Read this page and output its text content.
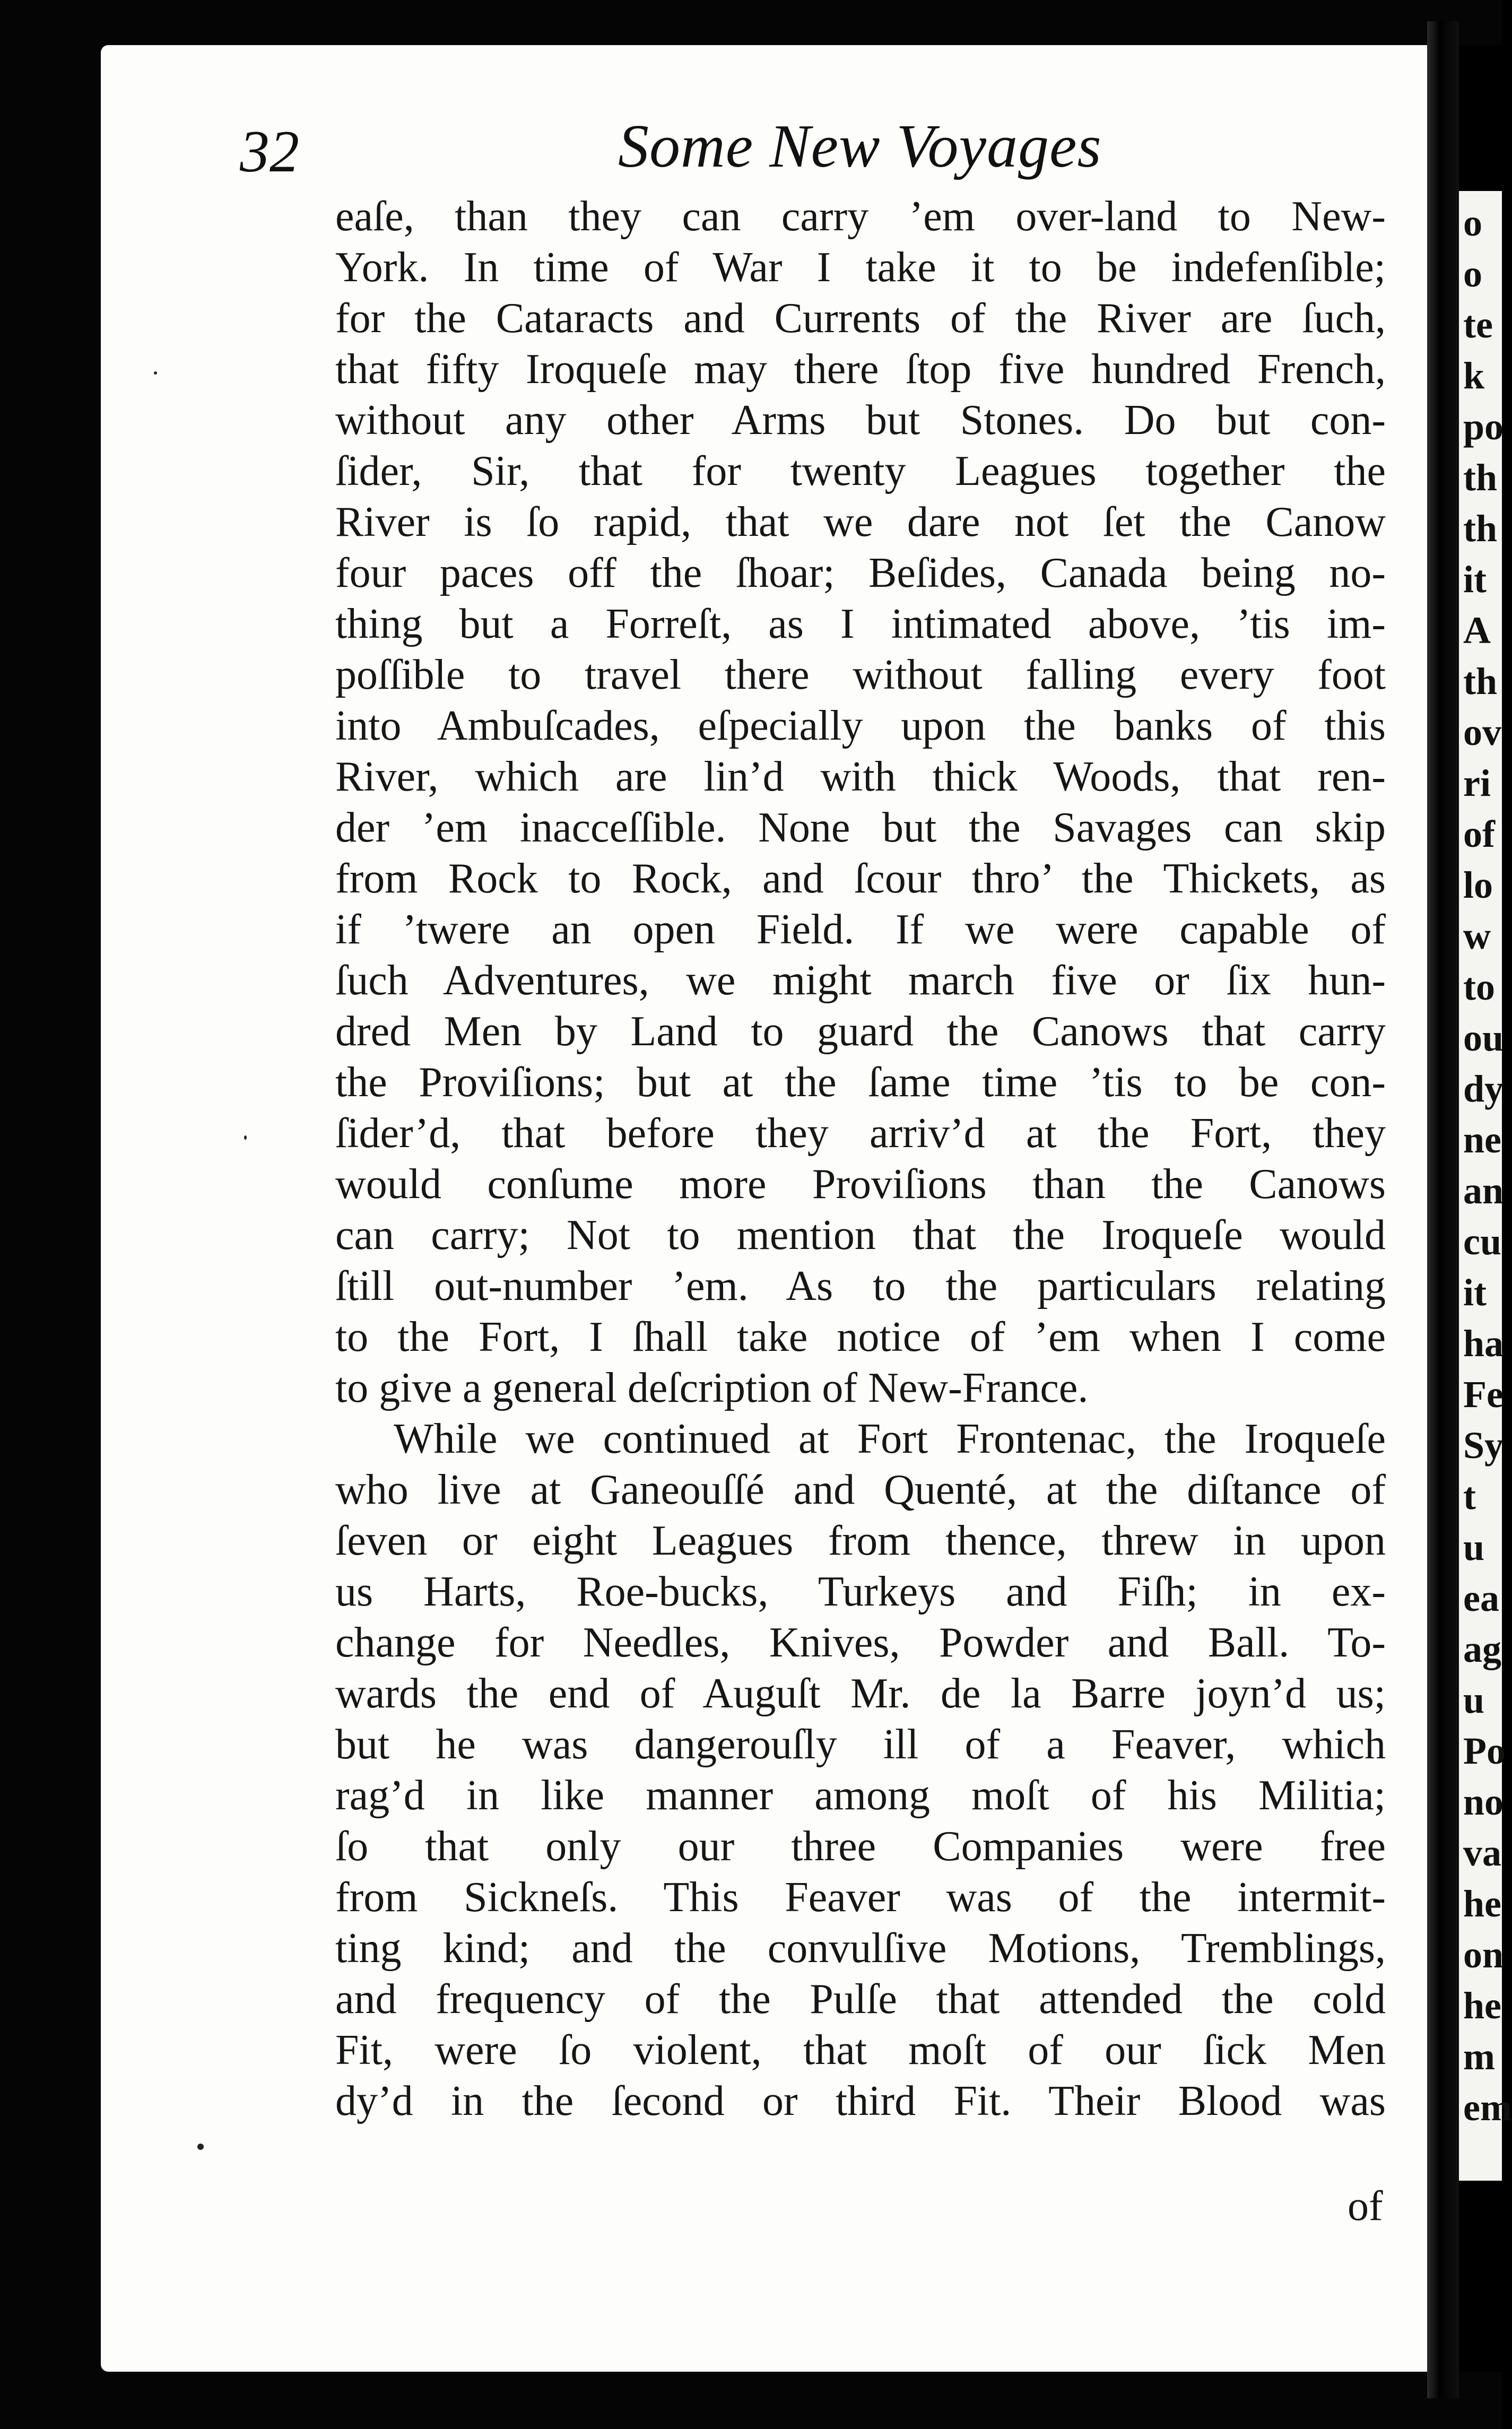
o
o
te
k
po
th
th
it
A
th
ov
ri
of
lo
w
to
ou
dy
ne
an
cu
it
ha
Fe
Sy
t
u
ea
ag
u
Po
no
va
he
on
he
m
em
32	Some New Voyages
eaſe, than they can carry ’em over-land to New-
York. In time of War I take it to be indefenſible;
for the Cataracts and Currents of the River are ſuch,
that fifty Iroqueſe may there ſtop five hundred French,
without any other Arms but Stones. Do but con-
ſider, Sir, that for twenty Leagues together the
River is ſo rapid, that we dare not ſet the Canow
four paces off the ſhoar; Beſides, Canada being no-
thing but a Forreſt, as I intimated above, ’tis im-
poſſible to travel there without falling every foot
into Ambuſcades, eſpecially upon the banks of this
River, which are lin’d with thick Woods, that ren-
der ’em inacceſſible. None but the Savages can skip
from Rock to Rock, and ſcour thro’ the Thickets, as
if ’twere an open Field. If we were capable of
ſuch Adventures, we might march five or ſix hun-
dred Men by Land to guard the Canows that carry
the Proviſions; but at the ſame time ’tis to be con-
ſider’d, that before they arriv’d at the Fort, they
would conſume more Proviſions than the Canows
can carry; Not to mention that the Iroqueſe would
ſtill out-number ’em. As to the particulars relating
to the Fort, I ſhall take notice of ’em when I come
to give a general deſcription of New-France.
While we continued at Fort Frontenac, the Iroqueſe
who live at Ganeouſſé and Quenté, at the diſtance of
ſeven or eight Leagues from thence, threw in upon
us Harts, Roe-bucks, Turkeys and Fiſh; in ex-
change for Needles, Knives, Powder and Ball. To-
wards the end of Auguſt Mr. de la Barre joyn’d us;
but he was dangerouſly ill of a Feaver, which
rag’d in like manner among moſt of his Militia;
ſo that only our three Companies were free
from Sickneſs. This Feaver was of the intermit-
ting kind; and the convulſive Motions, Tremblings,
and frequency of the Pulſe that attended the cold
Fit, were ſo violent, that moſt of our ſick Men
dy’d in the ſecond or third Fit. Their Blood was
of
